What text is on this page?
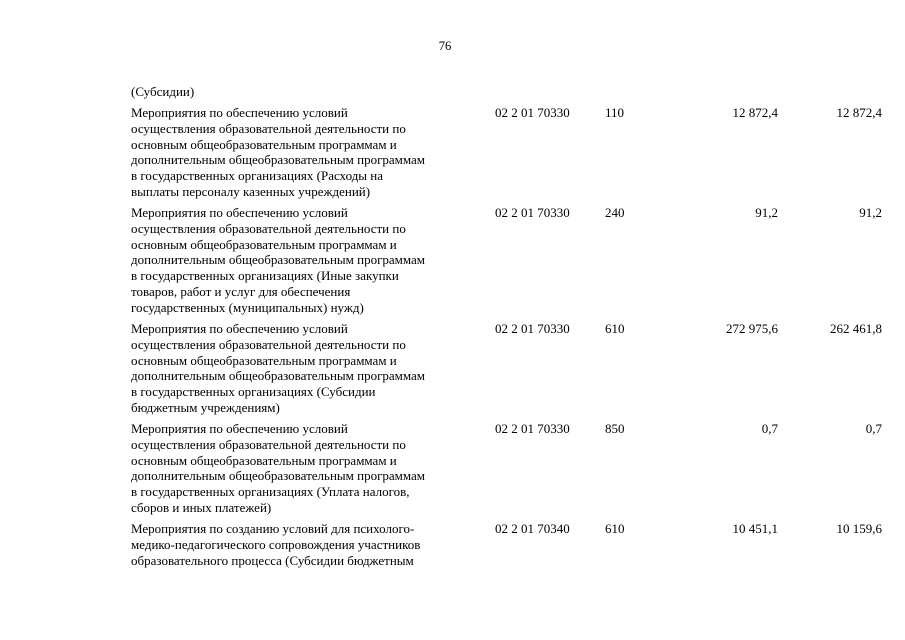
76
(Субсидии)
Мероприятия по обеспечению условий
осуществления образовательной деятельности по
основным общеобразовательным программам и
дополнительным общеобразовательным программам
в государственных организациях (Расходы на
выплаты персоналу казенных учреждений)
02 2 01 70330	110	12 872,4	12 872,4
Мероприятия по обеспечению условий
осуществления образовательной деятельности по
основным общеобразовательным программам и
дополнительным общеобразовательным программам
в государственных организациях (Иные закупки
товаров, работ и услуг для обеспечения
государственных (муниципальных) нужд)
02 2 01 70330	240	91,2	91,2
Мероприятия по обеспечению условий
осуществления образовательной деятельности по
основным общеобразовательным программам и
дополнительным общеобразовательным программам
в государственных организациях (Субсидии
бюджетным учреждениям)
02 2 01 70330	610	272 975,6	262 461,8
Мероприятия по обеспечению условий
осуществления образовательной деятельности по
основным общеобразовательным программам и
дополнительным общеобразовательным программам
в государственных организациях (Уплата налогов,
сборов и иных платежей)
02 2 01 70330	850	0,7	0,7
Мероприятия по созданию условий для психолого-
медико-педагогического сопровождения участников
образовательного процесса (Субсидии бюджетным
02 2 01 70340	610	10 451,1	10 159,6
